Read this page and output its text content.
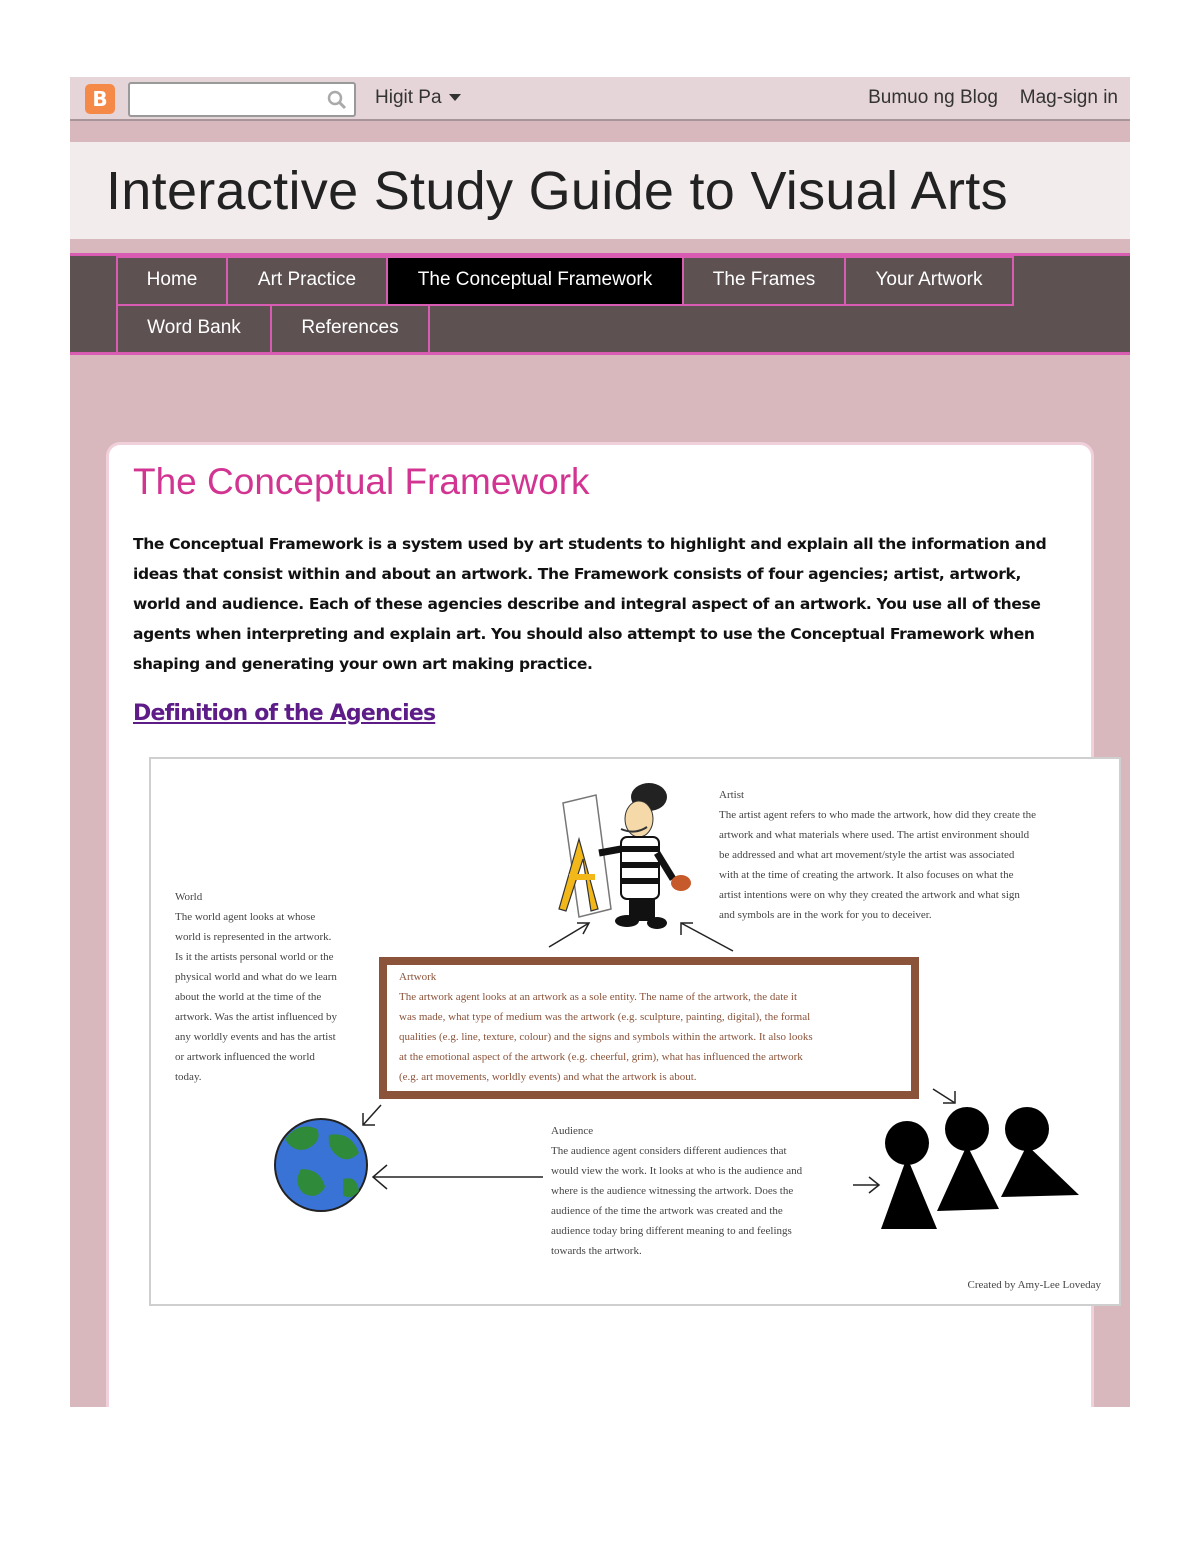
B	Higit Pa	Bumuo ng Blog Mag-sign in
Interactive Study Guide to Visual Arts
Home	Art Practice	The Conceptual Framework	The Frames	Your Artwork
Word Bank	References
The Conceptual Framework

The Conceptual Framework is a system used by art students to highlight and explain all the information and ideas that consist within and about an artwork. The Framework consists of four agencies; artist, artwork, world and audience. Each of these agencies describe and integral aspect of an artwork. You use all of these agents when interpreting and explain art. You should also attempt to use the Conceptual Framework when shaping and generating your own art making practice.

Definition of the Agencies
Artist
The artist agent refers to who made the artwork, how did they create the
artwork and what materials where used. The artist environment should
be addressed and what art movement/style the artist was associated
with at the time of creating the artwork. It also focuses on what the
artist intentions were on why they created the artwork and what sign
and symbols are in the work for you to deceiver.
World
The world agent looks at whose
world is represented in the artwork.
Is it the artists personal world or the
physical world and what do we learn
about the world at the time of the
artwork. Was the artist influenced by
any worldly events and has the artist
or artwork influenced the world
today.
Artwork
The artwork agent looks at an artwork as a sole entity. The name of the artwork, the date it
was made, what type of medium was the artwork (e.g. sculpture, painting, digital), the formal
qualities (e.g. line, texture, colour) and the signs and symbols within the artwork. It also looks
at the emotional aspect of the artwork (e.g. cheerful, grim), what has influenced the artwork
(e.g. art movements, worldly events) and what the artwork is about.
Audience
The audience agent considers different audiences that
would view the work. It looks at who is the audience and
where is the audience witnessing the artwork. Does the
audience of the time the artwork was created and the
audience today bring different meaning to and feelings
towards the artwork.
Created by Amy-Lee Loveday
